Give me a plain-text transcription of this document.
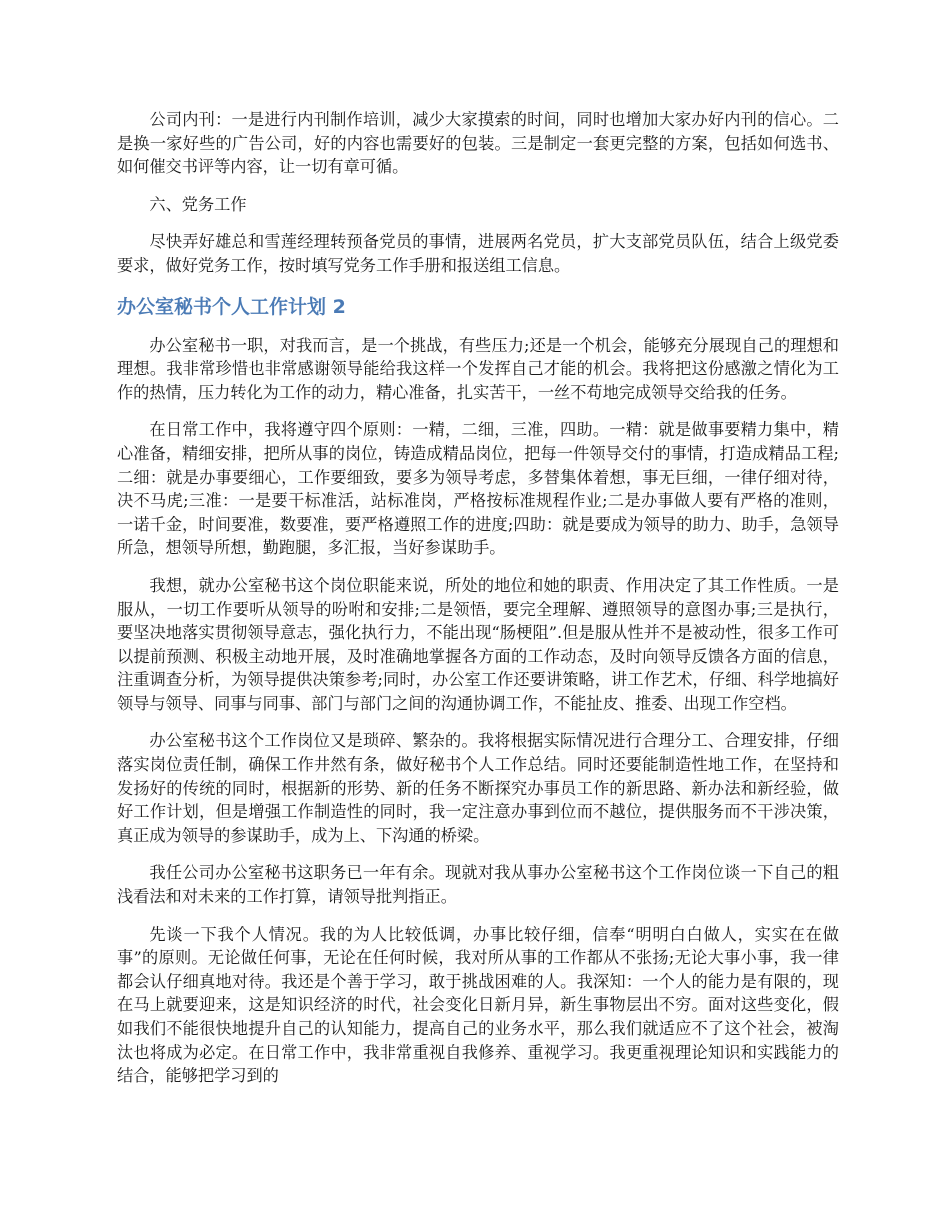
公司内刊：一是进行内刊制作培训，减少大家摸索的时间，同时也增加大家办好内刊的信心。二是换一家好些的广告公司，好的内容也需要好的包装。三是制定一套更完整的方案，包括如何选书、如何催交书评等内容，让一切有章可循。

六、党务工作

尽快弄好雄总和雪莲经理转预备党员的事情，进展两名党员，扩大支部党员队伍，结合上级党委要求，做好党务工作，按时填写党务工作手册和报送组工信息。

办公室秘书个人工作计划 2

办公室秘书一职，对我而言，是一个挑战，有些压力;还是一个机会，能够充分展现自己的理想和理想。我非常珍惜也非常感谢领导能给我这样一个发挥自己才能的机会。我将把这份感激之情化为工作的热情，压力转化为工作的动力，精心准备，扎实苦干，一丝不苟地完成领导交给我的任务。

在日常工作中，我将遵守四个原则：一精，二细，三准，四助。一精：就是做事要精力集中，精心准备，精细安排，把所从事的岗位，铸造成精品岗位，把每一件领导交付的事情，打造成精品工程;二细：就是办事要细心，工作要细致，要多为领导考虑，多替集体着想，事无巨细，一律仔细对待，决不马虎;三准：一是要干标准活，站标准岗，严格按标准规程作业;二是办事做人要有严格的准则，一诺千金，时间要准，数要准，要严格遵照工作的进度;四助：就是要成为领导的助力、助手，急领导所急，想领导所想，勤跑腿，多汇报，当好参谋助手。

我想，就办公室秘书这个岗位职能来说，所处的地位和她的职责、作用决定了其工作性质。一是服从，一切工作要听从领导的吩咐和安排;二是领悟，要完全理解、遵照领导的意图办事;三是执行，要坚决地落实贯彻领导意志，强化执行力，不能出现“肠梗阻”.但是服从性并不是被动性，很多工作可以提前预测、积极主动地开展，及时准确地掌握各方面的工作动态，及时向领导反馈各方面的信息，注重调查分析，为领导提供决策参考;同时，办公室工作还要讲策略，讲工作艺术，仔细、科学地搞好领导与领导、同事与同事、部门与部门之间的沟通协调工作，不能扯皮、推委、出现工作空档。

办公室秘书这个工作岗位又是琐碎、繁杂的。我将根据实际情况进行合理分工、合理安排，仔细落实岗位责任制，确保工作井然有条，做好秘书个人工作总结。同时还要能制造性地工作，在坚持和发扬好的传统的同时，根据新的形势、新的任务不断探究办事员工作的新思路、新办法和新经验，做好工作计划，但是增强工作制造性的同时，我一定注意办事到位而不越位，提供服务而不干涉决策，真正成为领导的参谋助手，成为上、下沟通的桥梁。

我任公司办公室秘书这职务已一年有余。现就对我从事办公室秘书这个工作岗位谈一下自己的粗浅看法和对未来的工作打算，请领导批判指正。

先谈一下我个人情况。我的为人比较低调，办事比较仔细，信奉“明明白白做人，实实在在做事”的原则。无论做任何事，无论在任何时候，我对所从事的工作都从不张扬;无论大事小事，我一律都会认仔细真地对待。我还是个善于学习，敢于挑战困难的人。我深知：一个人的能力是有限的，现在马上就要迎来，这是知识经济的时代，社会变化日新月异，新生事物层出不穷。面对这些变化，假如我们不能很快地提升自己的认知能力，提高自己的业务水平，那么我们就适应不了这个社会，被淘汰也将成为必定。在日常工作中，我非常重视自我修养、重视学习。我更重视理论知识和实践能力的结合，能够把学习到的
